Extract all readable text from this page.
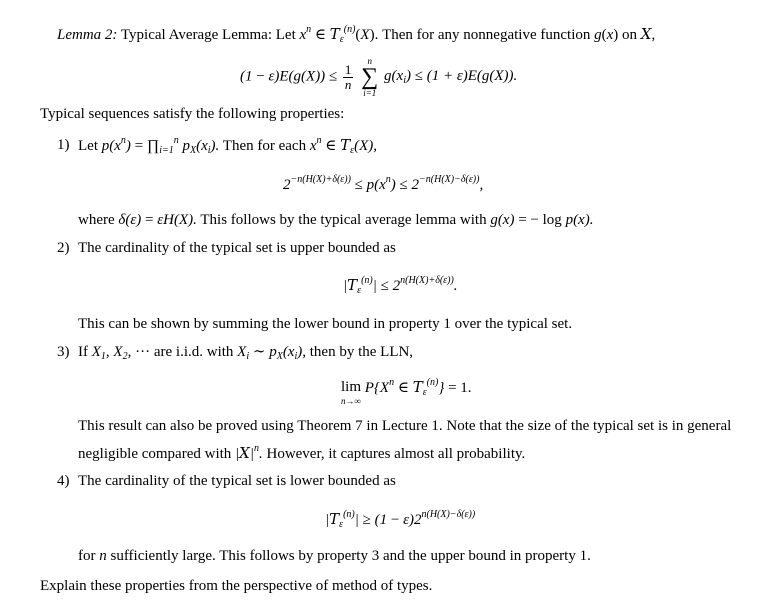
Lemma 2: Typical Average Lemma: Let $x^n$ ∈ $T_\varepsilon^{(n)}(X)$. Then for any nonnegative function g(x) on X,
$(1 - \varepsilon)E(g(X)) \le \frac{1}{n}$

n
∑
i=1
$g(x_i) \le (1 + \varepsilon)E(g(X))$.
Typical sequences satisfy the following properties:
1) Let $p(x^n)$ = $\prod_{i=1}^n$ $p_X(x_i)$. Then for each $x^n$ ∈ $T_\varepsilon(X)$,
$2^{-n(H(X)+\delta(\varepsilon))} \le p(x^n) \le 2^{-n(H(X)-\delta(\varepsilon))}$,
where δ(ε) = εH(X). This follows by the typical average lemma with g(x) = − log p(x).
2) The cardinality of the typical set is upper bounded as
$|T_\varepsilon^{(n)}| \le 2^{n(H(X)+\delta(\varepsilon))}$.
This can be shown by summing the lower bound in property 1 over the typical set.
3) If $X_1$, $X_2$, ··· are i.i.d. with $X_i$ ∼ $p_X(x_i)$, then by the LLN,
lim
n→∞
$P\{X^n$ ∈ $T_\varepsilon^{(n)}\} = 1$.
This result can also be proved using Theorem 7 in Lecture 1. Note that the size of the typical set is in general
negligible compared with $|X|^n$. However, it captures almost all probability.
4) The cardinality of the typical set is lower bounded as
$|T_\varepsilon^{(n)}| \ge (1 - \varepsilon)2^{n(H(X)-\delta(\varepsilon))}$
for n sufficiently large. This follows by property 3 and the upper bound in property 1.
Explain these properties from the perspective of method of types.
